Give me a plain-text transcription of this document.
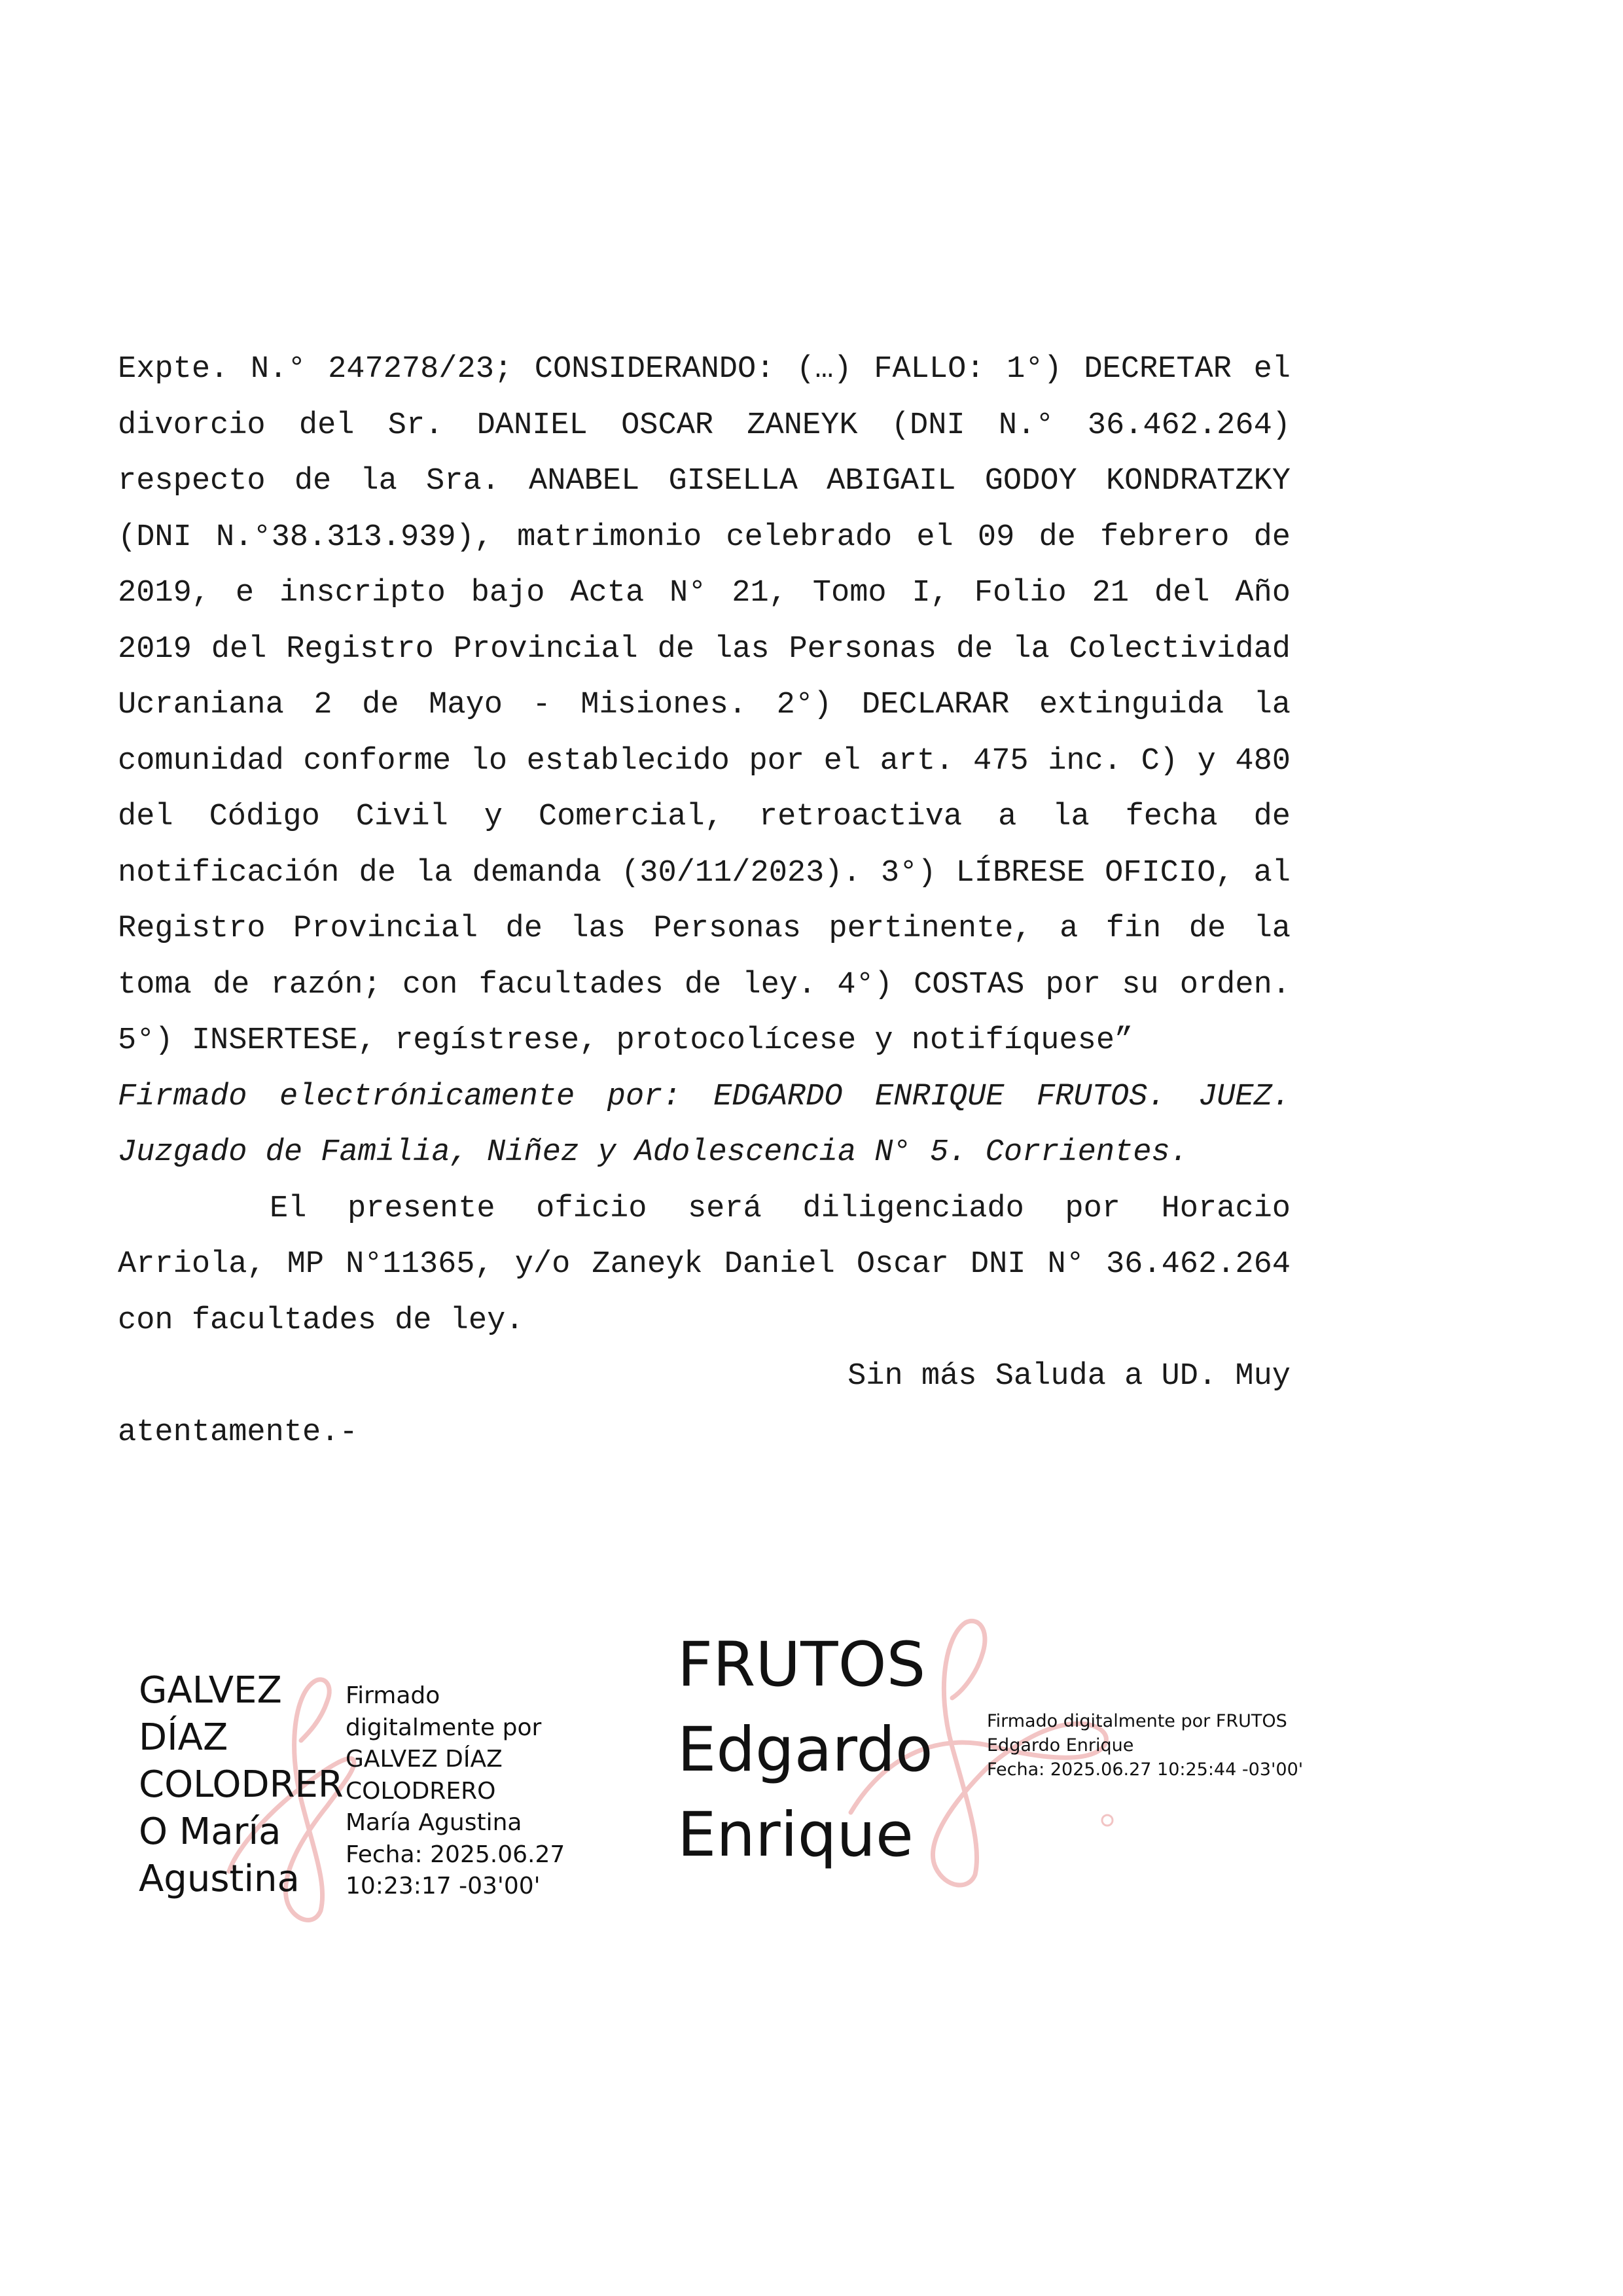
Expte. N.° 247278/23; CONSIDERANDO: (…) FALLO: 1°) DECRETAR el divorcio del Sr. DANIEL OSCAR ZANEYK (DNI N.° 36.462.264) respecto de la Sra. ANABEL GISELLA ABIGAIL GODOY KONDRATZKY (DNI N.°38.313.939), matrimonio celebrado el 09 de febrero de 2019, e inscripto bajo Acta N° 21, Tomo I, Folio 21 del Año 2019 del Registro Provincial de las Personas de la Colectividad Ucraniana 2 de Mayo - Misiones. 2°) DECLARAR extinguida la comunidad conforme lo establecido por el art. 475 inc. C) y 480 del Código Civil y Comercial, retroactiva a la fecha de notificación de la demanda (30/11/2023). 3°) LÍBRESE OFICIO, al Registro Provincial de las Personas pertinente, a fin de la toma de razón; con facultades de ley. 4°) COSTAS por su orden. 5°) INSERTESE, regístrese, protocolícese y notifíquese”

Firmado electrónicamente por: EDGARDO ENRIQUE FRUTOS. JUEZ. Juzgado de Familia, Niñez y Adolescencia N° 5. Corrientes.

El presente oficio será diligenciado por Horacio Arriola, MP N°11365, y/o Zaneyk Daniel Oscar DNI N° 36.462.264 con facultades de ley.

Sin más Saluda a UD. Muy

atentamente.-

GALVEZ
DÍAZ
COLODRER
O María
Agustina
Firmado
digitalmente por
GALVEZ DÍAZ
COLODRERO
María Agustina
Fecha: 2025.06.27
10:23:17 -03'00'
FRUTOS
Edgardo
Enrique
Firmado digitalmente por FRUTOS
Edgardo Enrique
Fecha: 2025.06.27 10:25:44 -03'00'
